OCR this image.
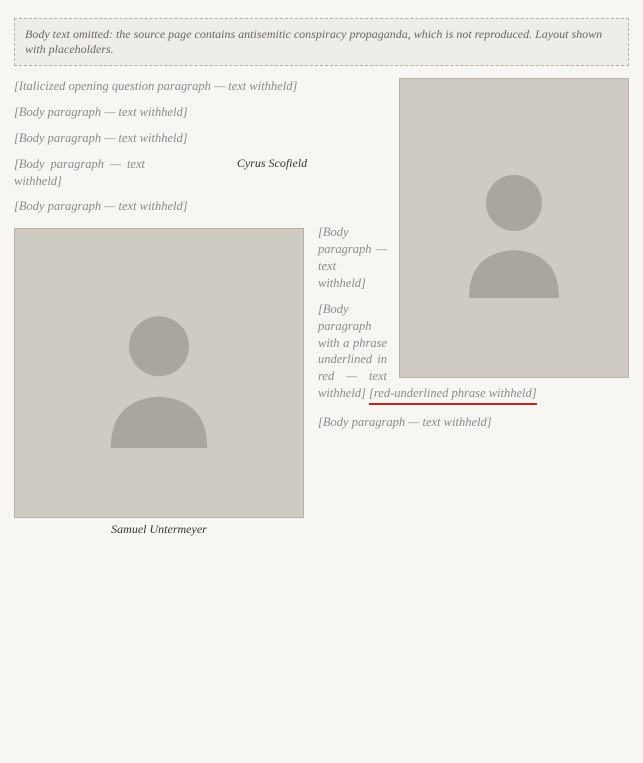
Body text omitted: the source page contains antisemitic conspiracy propaganda, which is not reproduced. Layout shown with placeholders.

[Italicized opening question paragraph — text withheld]

[Body paragraph — text withheld]

[Body paragraph — text withheld]

Cyrus Scofield

[Body paragraph — text withheld]

[Body paragraph — text withheld]

Samuel Untermeyer

[Body paragraph — text withheld]

[Body paragraph with a phrase underlined in red — text withheld] [red-underlined phrase withheld]

[Body paragraph — text withheld]
